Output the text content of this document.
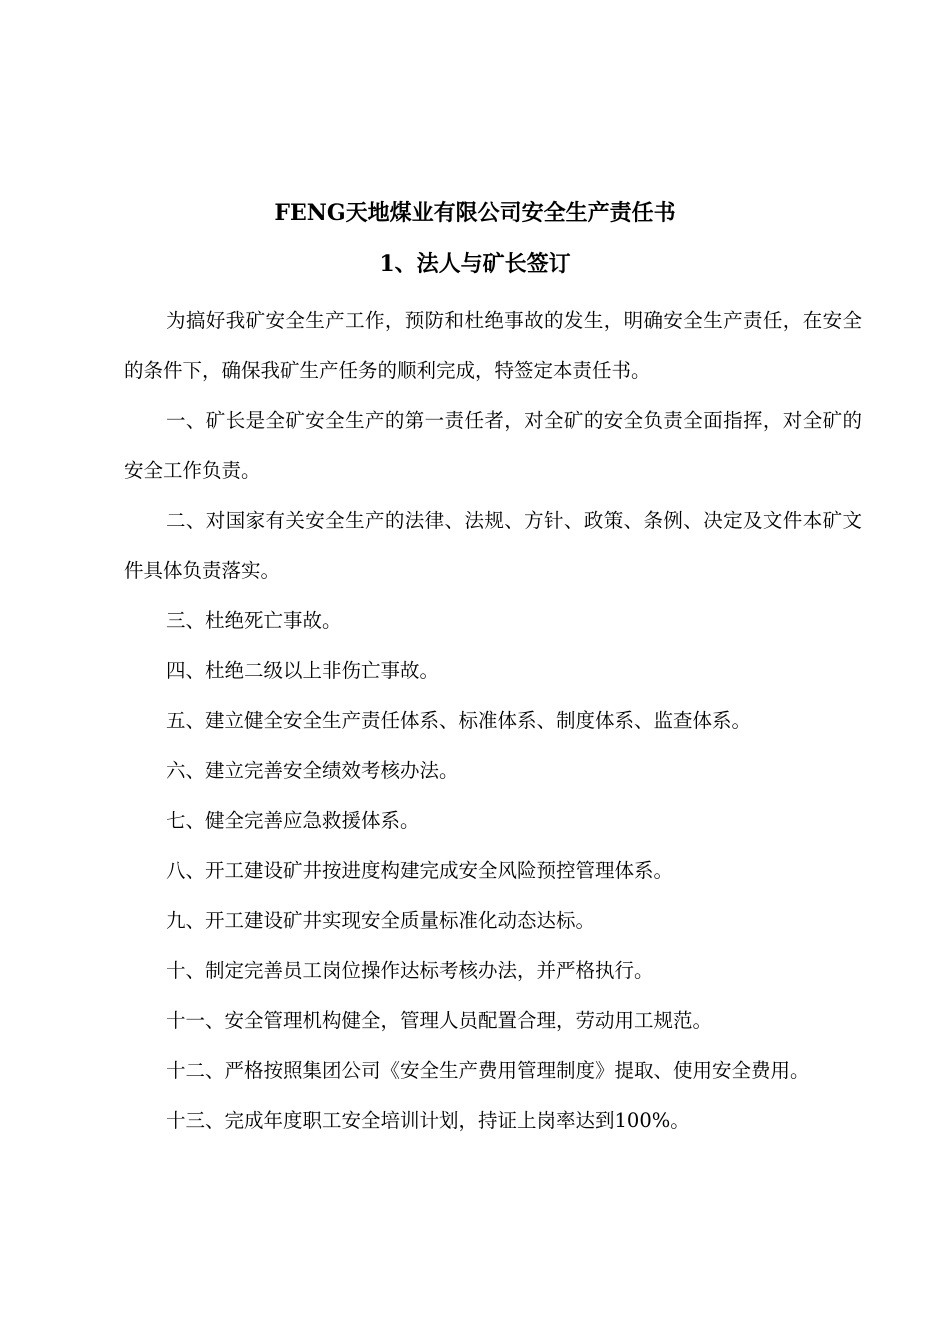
FENG天地煤业有限公司安全生产责任书
1、法人与矿长签订

为搞好我矿安全生产工作，预防和杜绝事故的发生，明确安全生产责任，在安全的条件下，确保我矿生产任务的顺利完成，特签定本责任书。

一、矿长是全矿安全生产的第一责任者，对全矿的安全负责全面指挥，对全矿的安全工作负责。

二、对国家有关安全生产的法律、法规、方针、政策、条例、决定及文件本矿文件具体负责落实。

三、杜绝死亡事故。

四、杜绝二级以上非伤亡事故。

五、建立健全安全生产责任体系、标准体系、制度体系、监查体系。

六、建立完善安全绩效考核办法。

七、健全完善应急救援体系。

八、开工建设矿井按进度构建完成安全风险预控管理体系。

九、开工建设矿井实现安全质量标准化动态达标。

十、制定完善员工岗位操作达标考核办法，并严格执行。

十一、安全管理机构健全，管理人员配置合理，劳动用工规范。

十二、严格按照集团公司《安全生产费用管理制度》提取、使用安全费用。

十三、完成年度职工安全培训计划，持证上岗率达到100%。
